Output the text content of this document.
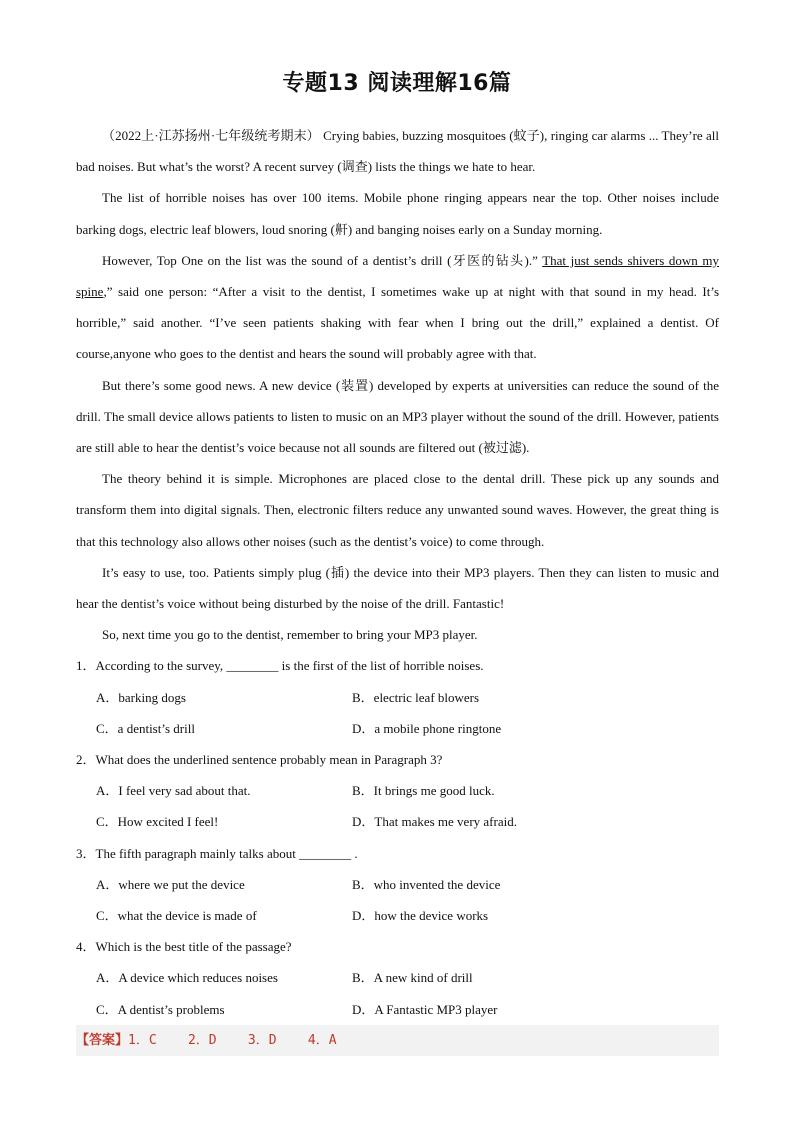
专题13 阅读理解16篇

（2022上·江苏扬州·七年级统考期末） Crying babies, buzzing mosquitoes (蚊子), ringing car alarms ... They’re all bad noises. But what’s the worst? A recent survey (调查) lists the things we hate to hear.

The list of horrible noises has over 100 items. Mobile phone ringing appears near the top. Other noises include barking dogs, electric leaf blowers, loud snoring (鼾) and banging noises early on a Sunday morning.

However, Top One on the list was the sound of a dentist’s drill (牙医的钻头).” That just sends shivers down my spine,” said one person: “After a visit to the dentist, I sometimes wake up at night with that sound in my head. It’s horrible,” said another. “I’ve seen patients shaking with fear when I bring out the drill,” explained a dentist. Of course,anyone who goes to the dentist and hears the sound will probably agree with that.

But there’s some good news. A new device (装置) developed by experts at universities can reduce the sound of the drill. The small device allows patients to listen to music on an MP3 player without the sound of the drill. However, patients are still able to hear the dentist’s voice because not all sounds are filtered out (被过滤).

The theory behind it is simple. Microphones are placed close to the dental drill. These pick up any sounds and transform them into digital signals. Then, electronic filters reduce any unwanted sound waves. However, the great thing is that this technology also allows other noises (such as the dentist’s voice) to come through.

It’s easy to use, too. Patients simply plug (插) the device into their MP3 players. Then they can listen to music and hear the dentist’s voice without being disturbed by the noise of the drill. Fantastic!

So, next time you go to the dentist, remember to bring your MP3 player.

1．According to the survey, ________ is the first of the list of horrible noises.

A．barking dogs	B．electric leaf blowers
C．a dentist’s drill	D．a mobile phone ringtone

2．What does the underlined sentence probably mean in Paragraph 3?

A．I feel very sad about that.	B．It brings me good luck.
C．How excited I feel!	D．That makes me very afraid.

3．The fifth paragraph mainly talks about ________ .

A．where we put the device	B．who invented the device
C．what the device is made of	D．how the device works

4．Which is the best title of the passage?

A．A device which reduces noises	B．A new kind of drill
C．A dentist’s problems	D．A Fantastic MP3 player
【答案】1．C    2．D    3．D    4．A
